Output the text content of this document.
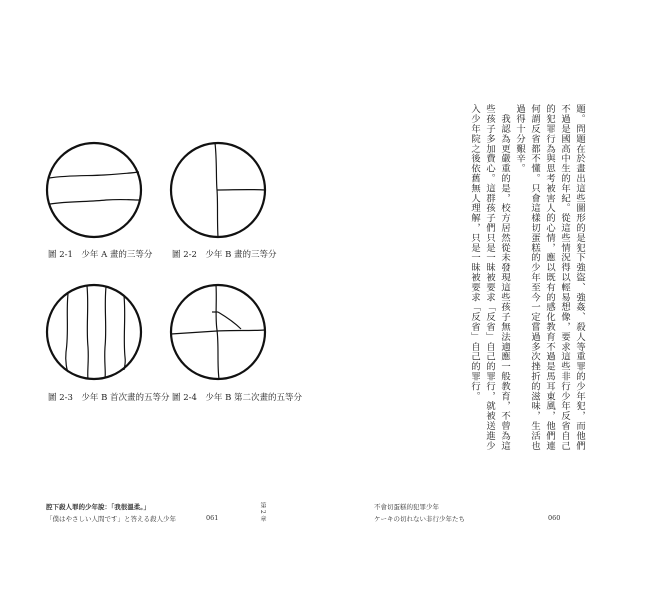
圖 2-1　少年 A 畫的三等分 圖 2-2　少年 B 畫的三等分
圖 2-3　少年 B 首次畫的五等分 圖 2-4　少年 B 第二次畫的五等分
腔下殺人罪的少年說：「我很溫柔。」
「僕はやさしい人間です」と答える殺人少年	061	第 2 章
題。問題在於畫出這些圖形的是犯下強盜、強姦、殺人等重罪的少年犯，而他們
不過是國高中生的年紀。從這些情況得以輕易想像，要求這些非行少年反省自己
的犯罪行為與思考被害人的心情，應以既有的感化教育不過是馬耳東風，他們連
何謂反省都不懂。只會這樣切蛋糕的少年至今一定嘗過多次挫折的滋味，生活也
過得十分艱辛。
　我認為更嚴重的是，校方居然從未發現這些孩子無法適應一般教育，不曾為這
些孩子多加費心。這群孩子們只是一昧被要求「反省」自己的罪行，就被送進少
入少年院之後依舊無人理解，只是一昧被要求「反省」自己的罪行。
不會切蛋糕的犯罪少年
ケーキの切れない非行少年たち	060
